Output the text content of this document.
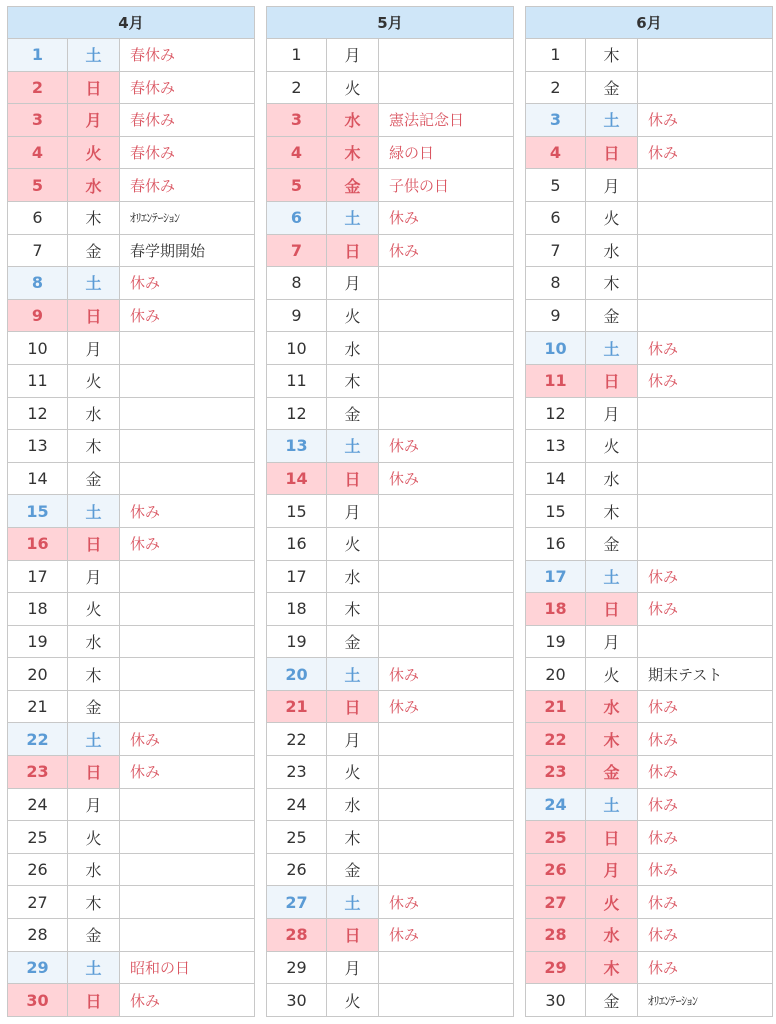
4月		
1	土	春休み
2	日	春休み
3	月	春休み
4	火	春休み
5	水	春休み
6	木	ｵﾘｴﾝﾃｰｼｮﾝ
7	金	春学期開始
8	土	休み
9	日	休み
10	月	
11	火	
12	水	
13	木	
14	金	
15	土	休み
16	日	休み
17	月	
18	火	
19	水	
20	木	
21	金	
22	土	休み
23	日	休み
24	月	
25	火	
26	水	
27	木	
28	金	
29	土	昭和の日
30	日	休み
5月		
1	月	
2	火	
3	水	憲法記念日
4	木	緑の日
5	金	子供の日
6	土	休み
7	日	休み
8	月	
9	火	
10	水	
11	木	
12	金	
13	土	休み
14	日	休み
15	月	
16	火	
17	水	
18	木	
19	金	
20	土	休み
21	日	休み
22	月	
23	火	
24	水	
25	木	
26	金	
27	土	休み
28	日	休み
29	月	
30	火	
6月		
1	木	
2	金	
3	土	休み
4	日	休み
5	月	
6	火	
7	水	
8	木	
9	金	
10	土	休み
11	日	休み
12	月	
13	火	
14	水	
15	木	
16	金	
17	土	休み
18	日	休み
19	月	
20	火	期末テスト
21	水	休み
22	木	休み
23	金	休み
24	土	休み
25	日	休み
26	月	休み
27	火	休み
28	水	休み
29	木	休み
30	金	ｵﾘｴﾝﾃｰｼｮﾝ
